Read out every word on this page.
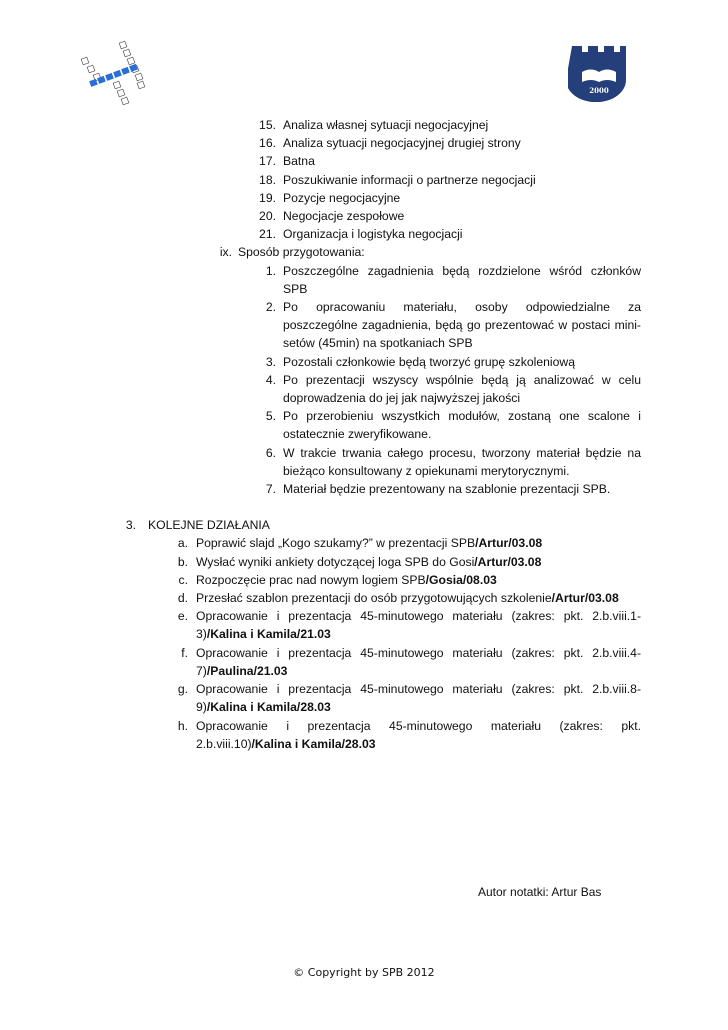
2000
15. Analiza własnej sytuacji negocjacyjnej
16. Analiza sytuacji negocjacyjnej drugiej strony
17. Batna
18. Poszukiwanie informacji o partnerze negocjacji
19. Pozycje negocjacyjne
20. Negocjacje zespołowe
21. Organizacja i logistyka negocjacji
ix. Sposób przygotowania:
1. Poszczególne zagadnienia będą rozdzielone wśród członków SPB
2. Po opracowaniu materiału, osoby odpowiedzialne za poszczególne zagadnienia, będą go prezentować w postaci mini-setów (45min) na spotkaniach SPB
3. Pozostali członkowie będą tworzyć grupę szkoleniową
4. Po prezentacji wszyscy wspólnie będą ją analizować w celu doprowadzenia do jej jak najwyższej jakości
5. Po przerobieniu wszystkich modułów, zostaną one scalone i ostatecznie zweryfikowane.
6. W trakcie trwania całego procesu, tworzony materiał będzie na bieżąco konsultowany z opiekunami merytorycznymi.
7. Materiał będzie prezentowany na szablonie prezentacji SPB.
3. KOLEJNE DZIAŁANIA
a. Poprawić slajd „Kogo szukamy?” w prezentacji SPB/Artur/03.08
b. Wysłać wyniki ankiety dotyczącej loga SPB do Gosi/Artur/03.08
c. Rozpoczęcie prac nad nowym logiem SPB/Gosia/08.03
d. Przesłać szablon prezentacji do osób przygotowujących szkolenie/Artur/03.08
e. Opracowanie i prezentacja 45-minutowego materiału (zakres: pkt. 2.b.viii.1-3)/Kalina i Kamila/21.03
f. Opracowanie i prezentacja 45-minutowego materiału (zakres: pkt. 2.b.viii.4-7)/Paulina/21.03
g. Opracowanie i prezentacja 45-minutowego materiału (zakres: pkt. 2.b.viii.8-9)/Kalina i Kamila/28.03
h. Opracowanie i prezentacja 45-minutowego materiału (zakres: pkt. 2.b.viii.10)/Kalina i Kamila/28.03
Autor notatki: Artur Bas
© Copyright by SPB 2012
